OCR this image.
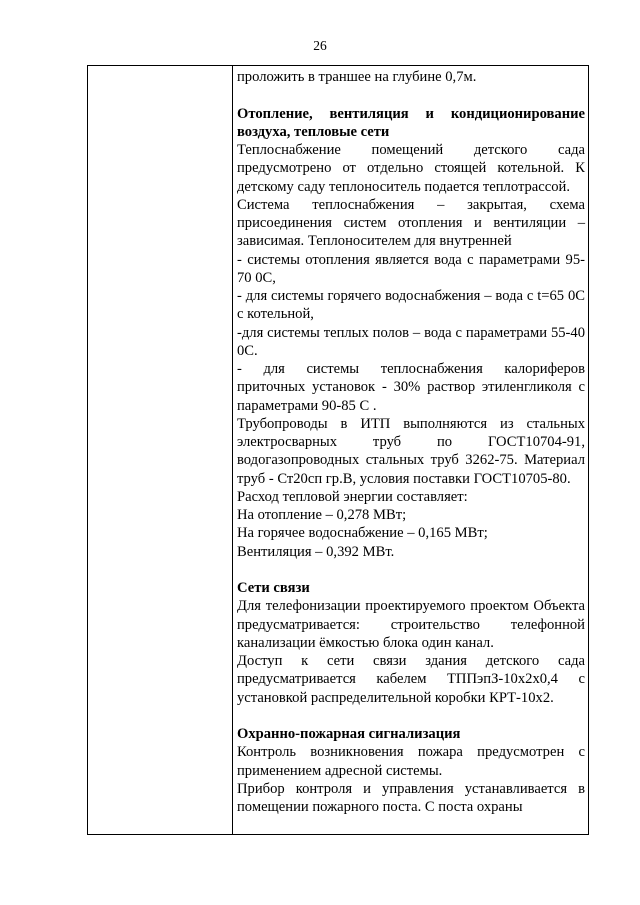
26
проложить в траншее на глубине 0,7м.
Отопление, вентиляция и кондиционирование воздуха, тепловые сети
Теплоснабжение помещений детского сада предусмотрено от отдельно стоящей котельной. К детскому саду теплоноситель подается теплотрассой.
Система теплоснабжения – закрытая, схема присоединения систем отопления и вентиляции – зависимая. Теплоносителем для внутренней
- системы отопления является вода с параметрами 95-70 0С,
- для системы горячего водоснабжения – вода с t=65 0С с котельной,
-для системы теплых полов – вода с параметрами 55-40 0С.
- для системы теплоснабжения калориферов приточных установок - 30% раствор этиленгликоля с параметрами 90-85 С .
Трубопроводы в ИТП выполняются из стальных электросварных труб по ГОСТ10704-91, водогазопроводных стальных труб 3262-75. Материал труб - Ст20сп гр.В, условия поставки ГОСТ10705-80.
Расход тепловой энергии составляет:
На отопление – 0,278 МВт;
На горячее водоснабжение – 0,165 МВт;
Вентиляция – 0,392 МВт.
Сети связи
Для телефонизации проектируемого проектом Объекта предусматривается: строительство телефонной канализации ёмкостью блока один канал.
Доступ к сети связи здания детского сада предусматривается кабелем ТППэпЗ-10х2х0,4 с установкой распределительной коробки КРТ-10х2.
Охранно-пожарная сигнализация
Контроль возникновения пожара предусмотрен с применением адресной системы.
Прибор контроля и управления устанавливается в помещении пожарного поста. С поста охраны
